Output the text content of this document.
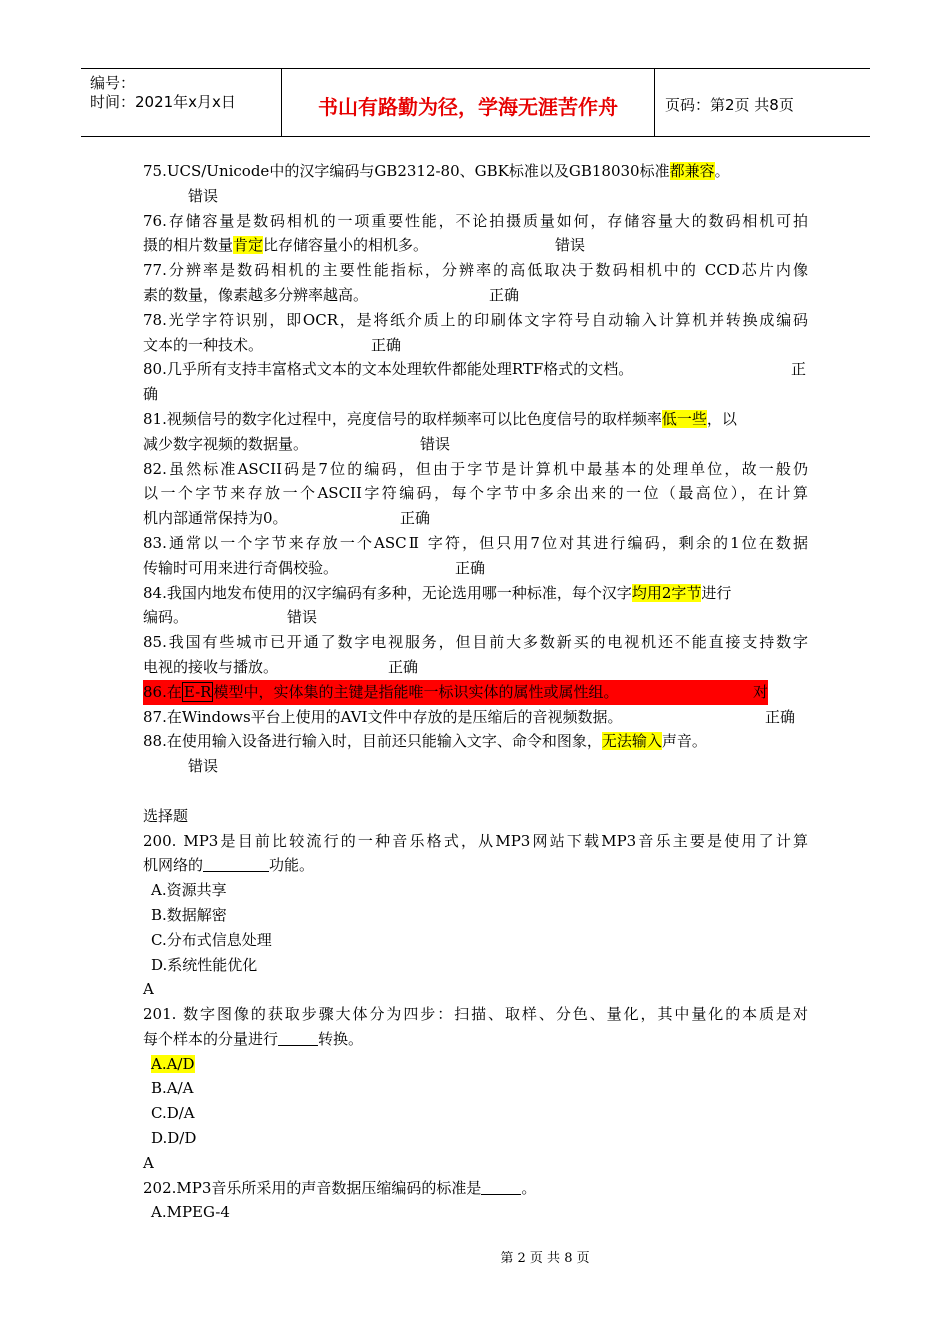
编号：
时间：2021年x月x日	书山有路勤为径，学海无涯苦作舟	页码：第2页 共8页
75.UCS/Unicode中的汉字编码与GB2312-80、GBK标准以及GB18030标准都兼容。
错误
76.存储容量是数码相机的一项重要性能，不论拍摄质量如何，存储容量大的数码相机可拍
摄的相片数量肯定比存储容量小的相机多。	错误
77.分辨率是数码相机的主要性能指标，分辨率的高低取决于数码相机中的 CCD芯片内像
素的数量，像素越多分辨率越高。	正确
78.光学字符识别，即OCR，是将纸介质上的印刷体文字符号自动输入计算机并转换成编码
文本的一种技术。	正确
80.几乎所有支持丰富格式文本的文本处理软件都能处理RTF格式的文档。	正
确
81.视频信号的数字化过程中，亮度信号的取样频率可以比色度信号的取样频率低一些，以
减少数字视频的数据量。	错误
82.虽然标准ASCII码是7位的编码，但由于字节是计算机中最基本的处理单位，故一般仍
以一个字节来存放一个ASCII字符编码，每个字节中多余出来的一位（最高位），在计算
机内部通常保持为0。	正确
83.通常以一个字节来存放一个ASCⅡ 字符，但只用7位对其进行编码，剩余的1位在数据
传输时可用来进行奇偶校验。	正确
84.我国内地发布使用的汉字编码有多种，无论选用哪一种标准，每个汉字均用2字节进行
编码。	错误
85.我国有些城市已开通了数字电视服务，但目前大多数新买的电视机还不能直接支持数字
电视的接收与播放。	正确
86.在 E-R 模型中，实体集的主键是指能唯一标识实体的属性或属性组。	对
87.在Windows平台上使用的AVI文件中存放的是压缩后的音视频数据。	正确
88.在使用输入设备进行输入时，目前还只能输入文字、命令和图象，无法输入声音。
错误
选择题
200. MP3是目前比较流行的一种音乐格式，从MP3网站下载MP3音乐主要是使用了计算
机网络的	功能。
A.资源共享
B.数据解密
C.分布式信息处理
D.系统性能优化
A
201. 数字图像的获取步骤大体分为四步：扫描、取样、分色、量化，其中量化的本质是对
每个样本的分量进行	转换。
A.A/D
B.A/A
C.D/A
D.D/D
A
202.MP3音乐所采用的声音数据压缩编码的标准是	。
A.MPEG-4
第 2 页 共 8 页
